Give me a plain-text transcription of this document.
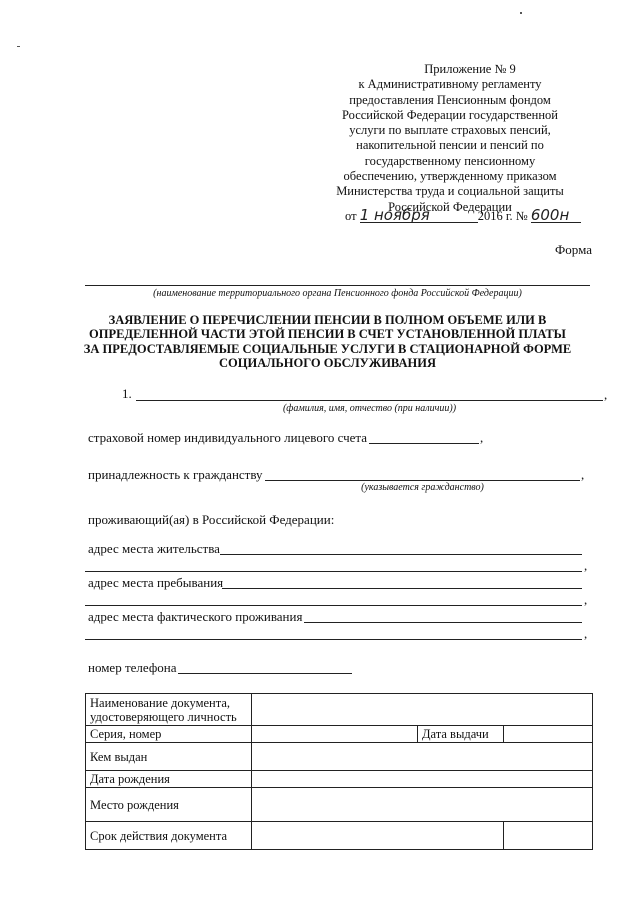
Приложение № 9
к Административному регламенту
предоставления Пенсионным фондом
Российской Федерации государственной
услуги по выплате страховых пенсий,
накопительной пенсии и пенсий по
государственному пенсионному
обеспечению, утвержденному приказом
Министерства труда и социальной защиты
Российской Федерации
от 1 ноября	2016 г. № 600н
Форма
(наименование территориального органа Пенсионного фонда Российской Федерации)
ЗАЯВЛЕНИЕ О ПЕРЕЧИСЛЕНИИ ПЕНСИИ В ПОЛНОМ ОБЪЕМЕ ИЛИ В ОПРЕДЕЛЕННОЙ ЧАСТИ ЭТОЙ ПЕНСИИ В СЧЕТ УСТАНОВЛЕННОЙ ПЛАТЫ ЗА ПРЕДОСТАВЛЯЕМЫЕ СОЦИАЛЬНЫЕ УСЛУГИ В СТАЦИОНАРНОЙ ФОРМЕ СОЦИАЛЬНОГО ОБСЛУЖИВАНИЯ
1.	,
(фамилия, имя, отчество (при наличии))
страховой номер индивидуального лицевого счета	,
принадлежность к гражданству	,
(указывается гражданство)
проживающий(ая) в Российской Федерации:
адрес места жительства
,
адрес места пребывания
,
адрес места фактического проживания
,
номер телефона
Наименование документа, удостоверяющего личность			
Серия, номер		Дата выдачи	
Кем выдан			
Дата рождения			
Место рождения			
Срок действия документа			
